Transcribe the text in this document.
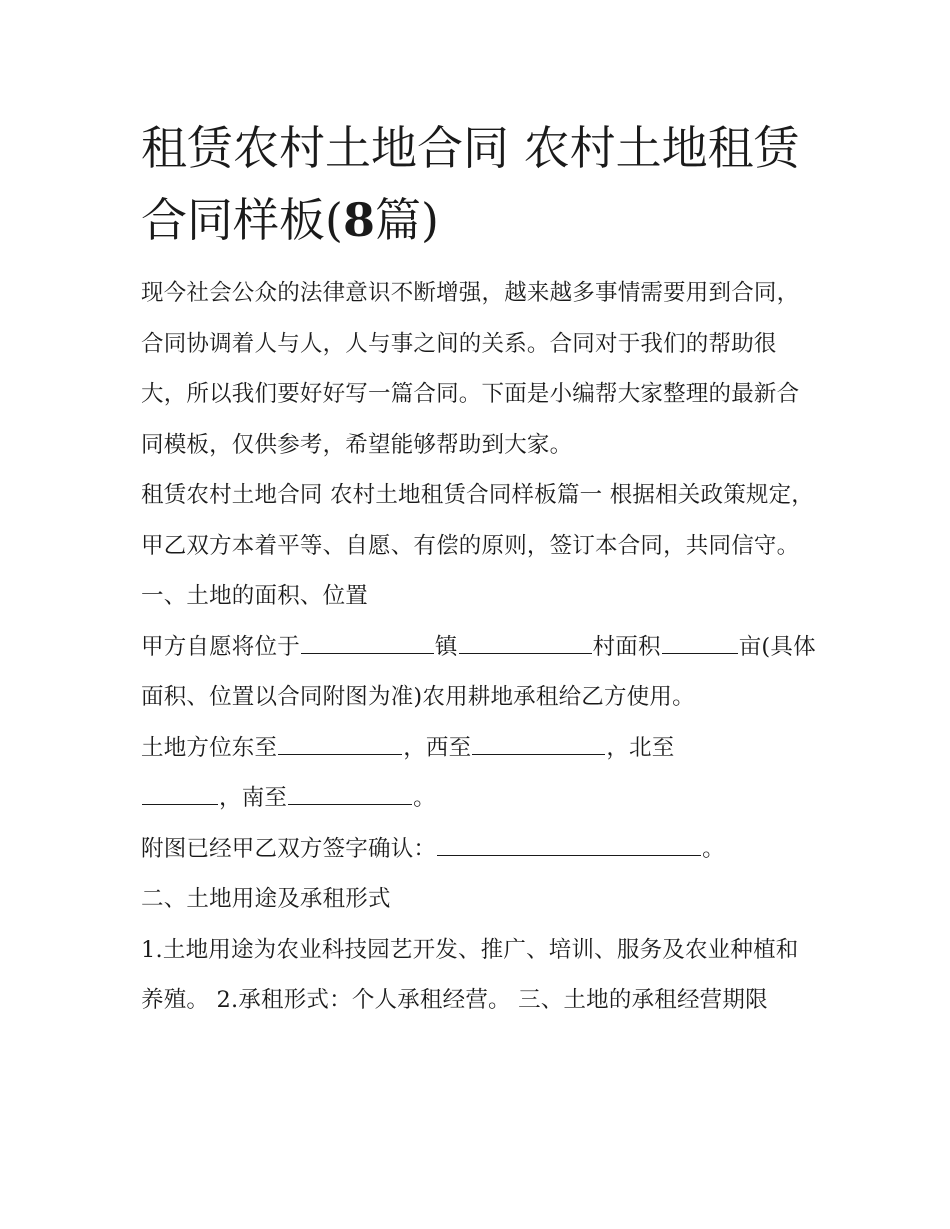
租赁农村土地合同 农村土地租赁合同样板(8篇)

现今社会公众的法律意识不断增强，越来越多事情需要用到合同，合同协调着人与人，人与事之间的关系。合同对于我们的帮助很大，所以我们要好好写一篇合同。下面是小编帮大家整理的最新合同模板，仅供参考，希望能够帮助到大家。

租赁农村土地合同 农村土地租赁合同样板篇一 根据相关政策规定，甲乙双方本着平等、自愿、有偿的原则，签订本合同，共同信守。 一、土地的面积、位置

甲方自愿将位于	镇	村面积	亩(具体面积、位置以合同附图为准)农用耕地承租给乙方使用。

土地方位东至	，西至	，北至
，南至	。

附图已经甲乙双方签字确认：	。

二、土地用途及承租形式

1.土地用途为农业科技园艺开发、推广、培训、服务及农业种植和养殖。 2.承租形式：个人承租经营。 三、土地的承租经营期限
